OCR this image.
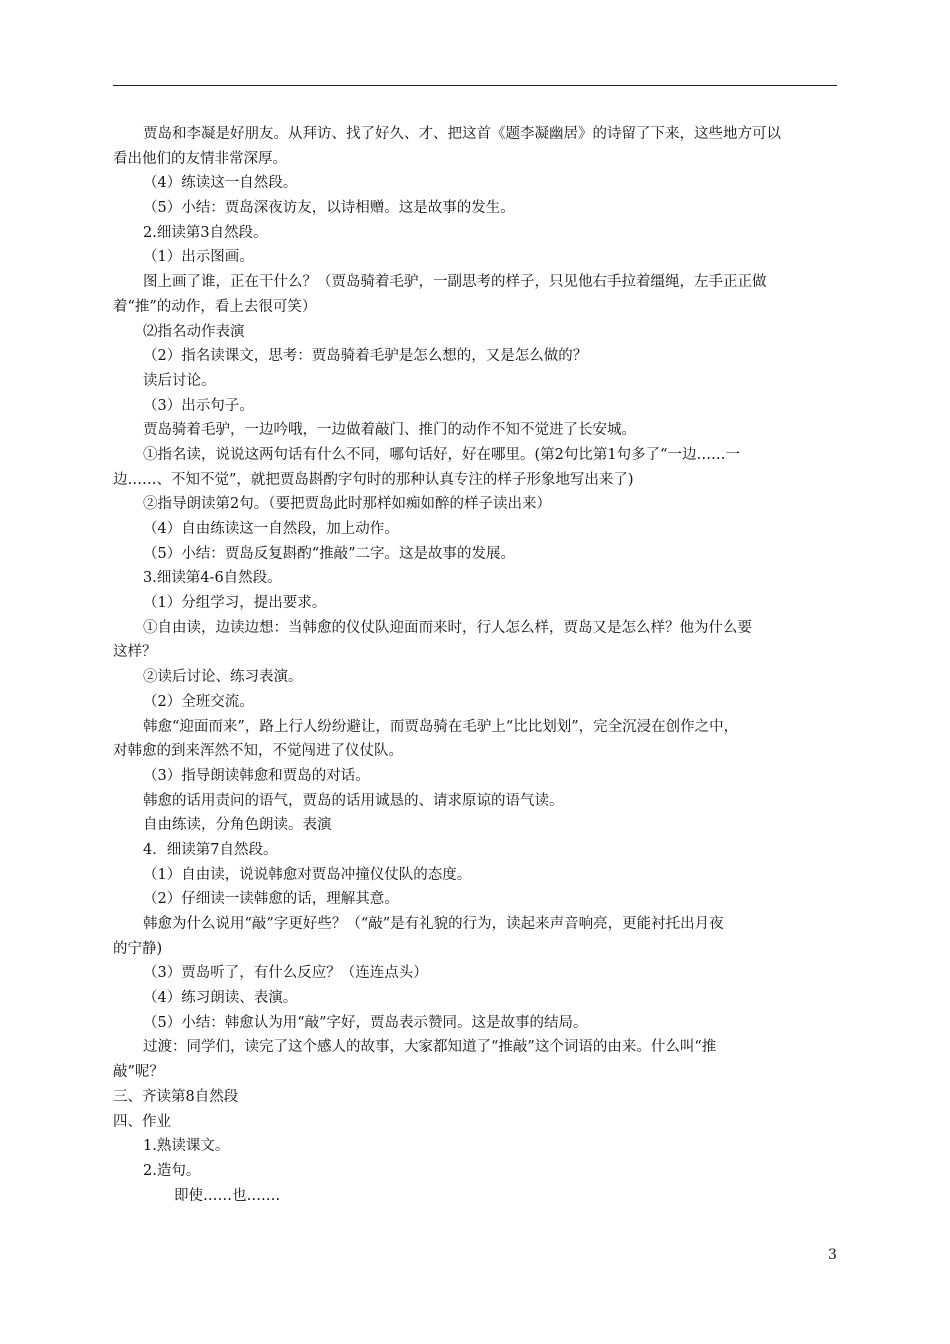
贾岛和李凝是好朋友。从拜访、找了好久、才、把这首《题李凝幽居》的诗留了下来，这些地方可以
看出他们的友情非常深厚。
（4）练读这一自然段。
（5）小结：贾岛深夜访友，以诗相赠。这是故事的发生。
2.细读第3自然段。
（1）出示图画。
图上画了谁，正在干什么？（贾岛骑着毛驴，一副思考的样子，只见他右手拉着缰绳，左手正正做
着“推”的动作，看上去很可笑）
⑵指名动作表演
（2）指名读课文，思考：贾岛骑着毛驴是怎么想的，又是怎么做的？
读后讨论。
（3）出示句子。
贾岛骑着毛驴，一边吟哦，一边做着敲门、推门的动作不知不觉进了长安城。
①指名读，说说这两句话有什么不同，哪句话好，好在哪里。(第2句比第1句多了“一边……一
边……、不知不觉”，就把贾岛斟酌字句时的那种认真专注的样子形象地写出来了)
②指导朗读第2句。（要把贾岛此时那样如痴如醉的样子读出来）
（4）自由练读这一自然段，加上动作。
（5）小结：贾岛反复斟酌“推敲”二字。这是故事的发展。
3.细读第4-6自然段。
（1）分组学习，提出要求。
①自由读，边读边想：当韩愈的仪仗队迎面而来时，行人怎么样，贾岛又是怎么样？他为什么要
这样？
②读后讨论、练习表演。
（2）全班交流。
韩愈“迎面而来”，路上行人纷纷避让，而贾岛骑在毛驴上“比比划划”，完全沉浸在创作之中，
对韩愈的到来浑然不知，不觉闯进了仪仗队。
（3）指导朗读韩愈和贾岛的对话。
韩愈的话用责问的语气，贾岛的话用诚恳的、请求原谅的语气读。
自由练读，分角色朗读。表演
4．细读第7自然段。
（1）自由读，说说韩愈对贾岛冲撞仪仗队的态度。
（2）仔细读一读韩愈的话，理解其意。
韩愈为什么说用“敲”字更好些？（“敲”是有礼貌的行为，读起来声音响亮，更能衬托出月夜
的宁静)
（3）贾岛听了，有什么反应？（连连点头）
（4）练习朗读、表演。
（5）小结：韩愈认为用“敲”字好，贾岛表示赞同。这是故事的结局。
过渡：同学们，读完了这个感人的故事，大家都知道了“推敲”这个词语的由来。什么叫“推
敲”呢？
三、齐读第8自然段
四、作业
1.熟读课文。
2.造句。
即使……也…….
3
